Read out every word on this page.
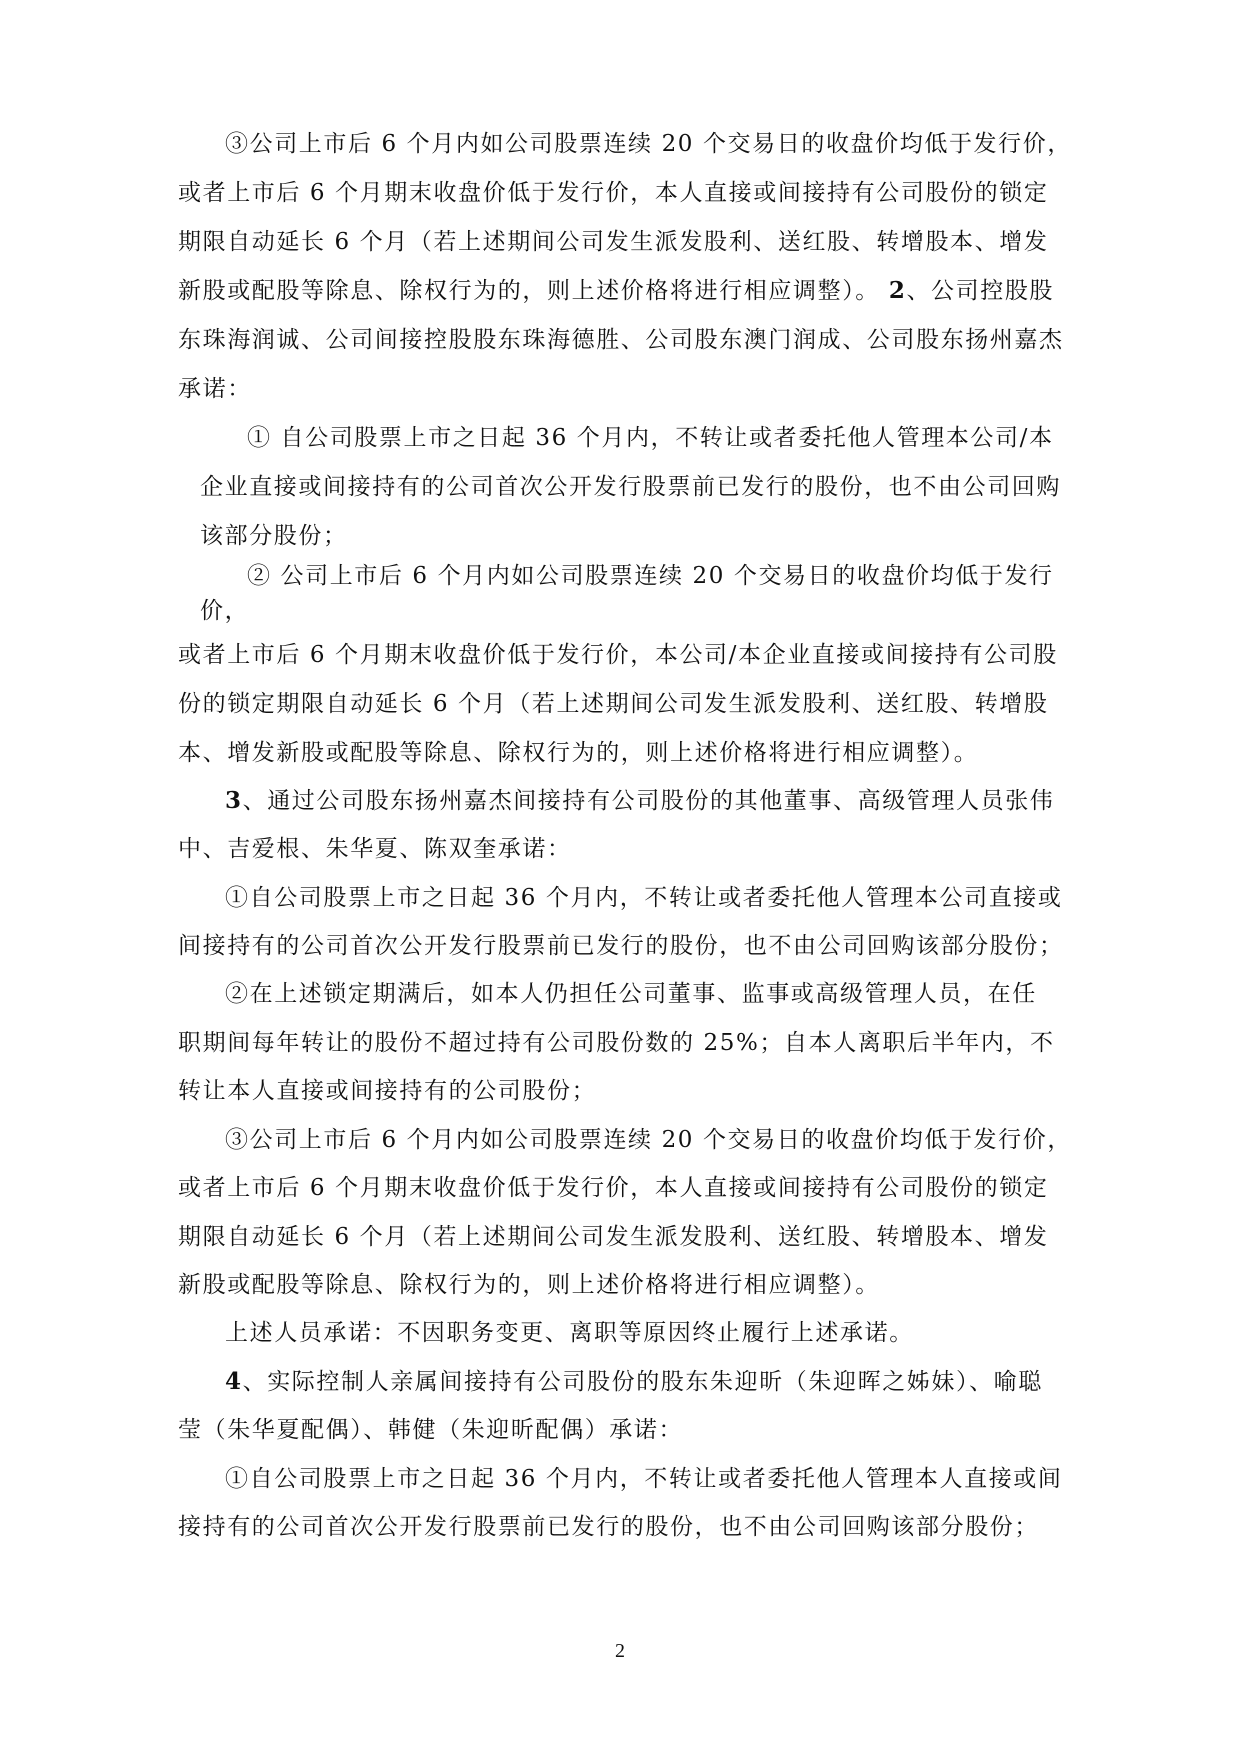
③公司上市后 6 个月内如公司股票连续 20 个交易日的收盘价均低于发行价，
或者上市后 6 个月期末收盘价低于发行价，本人直接或间接持有公司股份的锁定
期限自动延长 6 个月（若上述期间公司发生派发股利、送红股、转增股本、增发
新股或配股等除息、除权行为的，则上述价格将进行相应调整）。 2、公司控股股
东珠海润诚、公司间接控股股东珠海德胜、公司股东澳门润成、公司股东扬州嘉杰
承诺：
① 自公司股票上市之日起 36 个月内，不转让或者委托他人管理本公司/本
企业直接或间接持有的公司首次公开发行股票前已发行的股份，也不由公司回购
该部分股份；
② 公司上市后 6 个月内如公司股票连续 20 个交易日的收盘价均低于发行
价，
或者上市后 6 个月期末收盘价低于发行价，本公司/本企业直接或间接持有公司股
份的锁定期限自动延长 6 个月（若上述期间公司发生派发股利、送红股、转增股
本、增发新股或配股等除息、除权行为的，则上述价格将进行相应调整）。
3、通过公司股东扬州嘉杰间接持有公司股份的其他董事、高级管理人员张伟
中、吉爱根、朱华夏、陈双奎承诺：
①自公司股票上市之日起 36 个月内，不转让或者委托他人管理本公司直接或
间接持有的公司首次公开发行股票前已发行的股份，也不由公司回购该部分股份；
②在上述锁定期满后，如本人仍担任公司董事、监事或高级管理人员，在任
职期间每年转让的股份不超过持有公司股份数的 25%；自本人离职后半年内，不
转让本人直接或间接持有的公司股份；
③公司上市后 6 个月内如公司股票连续 20 个交易日的收盘价均低于发行价，
或者上市后 6 个月期末收盘价低于发行价，本人直接或间接持有公司股份的锁定
期限自动延长 6 个月（若上述期间公司发生派发股利、送红股、转增股本、增发
新股或配股等除息、除权行为的，则上述价格将进行相应调整）。
上述人员承诺：不因职务变更、离职等原因终止履行上述承诺。
4、实际控制人亲属间接持有公司股份的股东朱迎昕（朱迎晖之姊妹）、喻聪
莹（朱华夏配偶）、韩健（朱迎昕配偶）承诺：
①自公司股票上市之日起 36 个月内，不转让或者委托他人管理本人直接或间
接持有的公司首次公开发行股票前已发行的股份，也不由公司回购该部分股份；
2
